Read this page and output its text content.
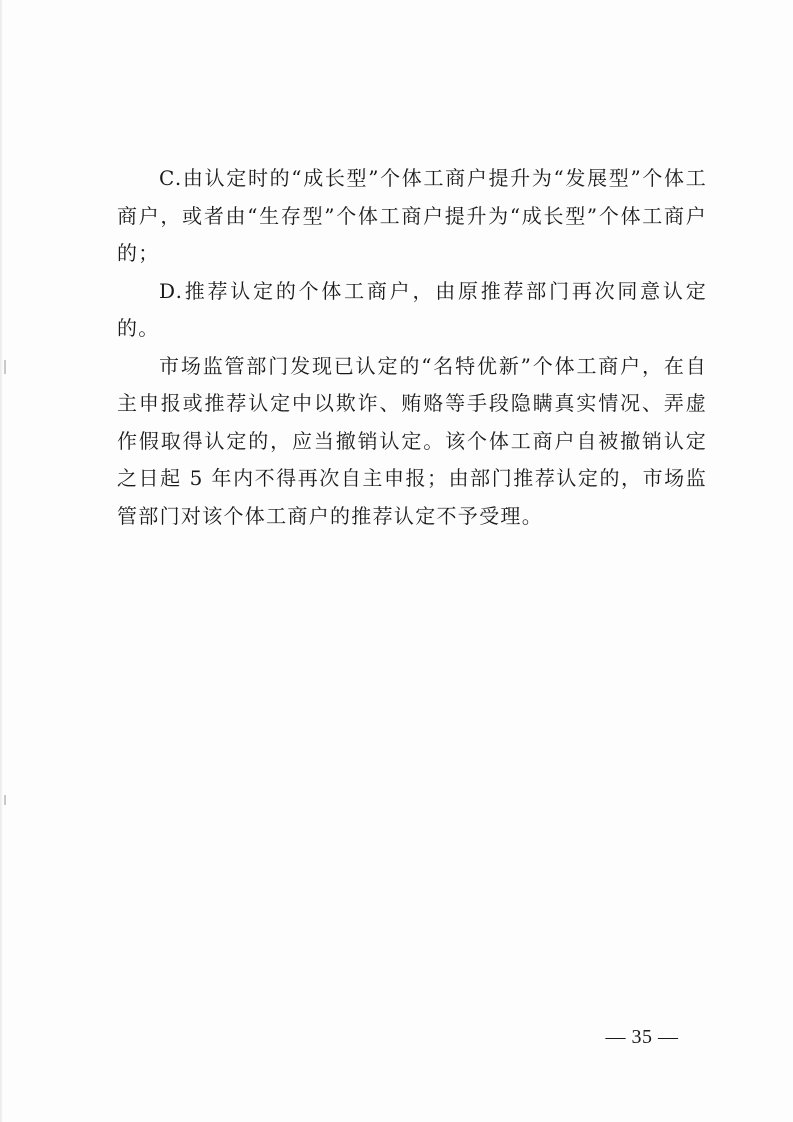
C.由认定时的“成长型”个体工商户提升为“发展型”个体工商户，或者由“生存型”个体工商户提升为“成长型”个体工商户的；

D.推荐认定的个体工商户，由原推荐部门再次同意认定的。

市场监管部门发现已认定的“名特优新”个体工商户，在自主申报或推荐认定中以欺诈、贿赂等手段隐瞒真实情况、弄虚作假取得认定的，应当撤销认定。该个体工商户自被撤销认定之日起 5 年内不得再次自主申报；由部门推荐认定的，市场监管部门对该个体工商户的推荐认定不予受理。

— 35 —
